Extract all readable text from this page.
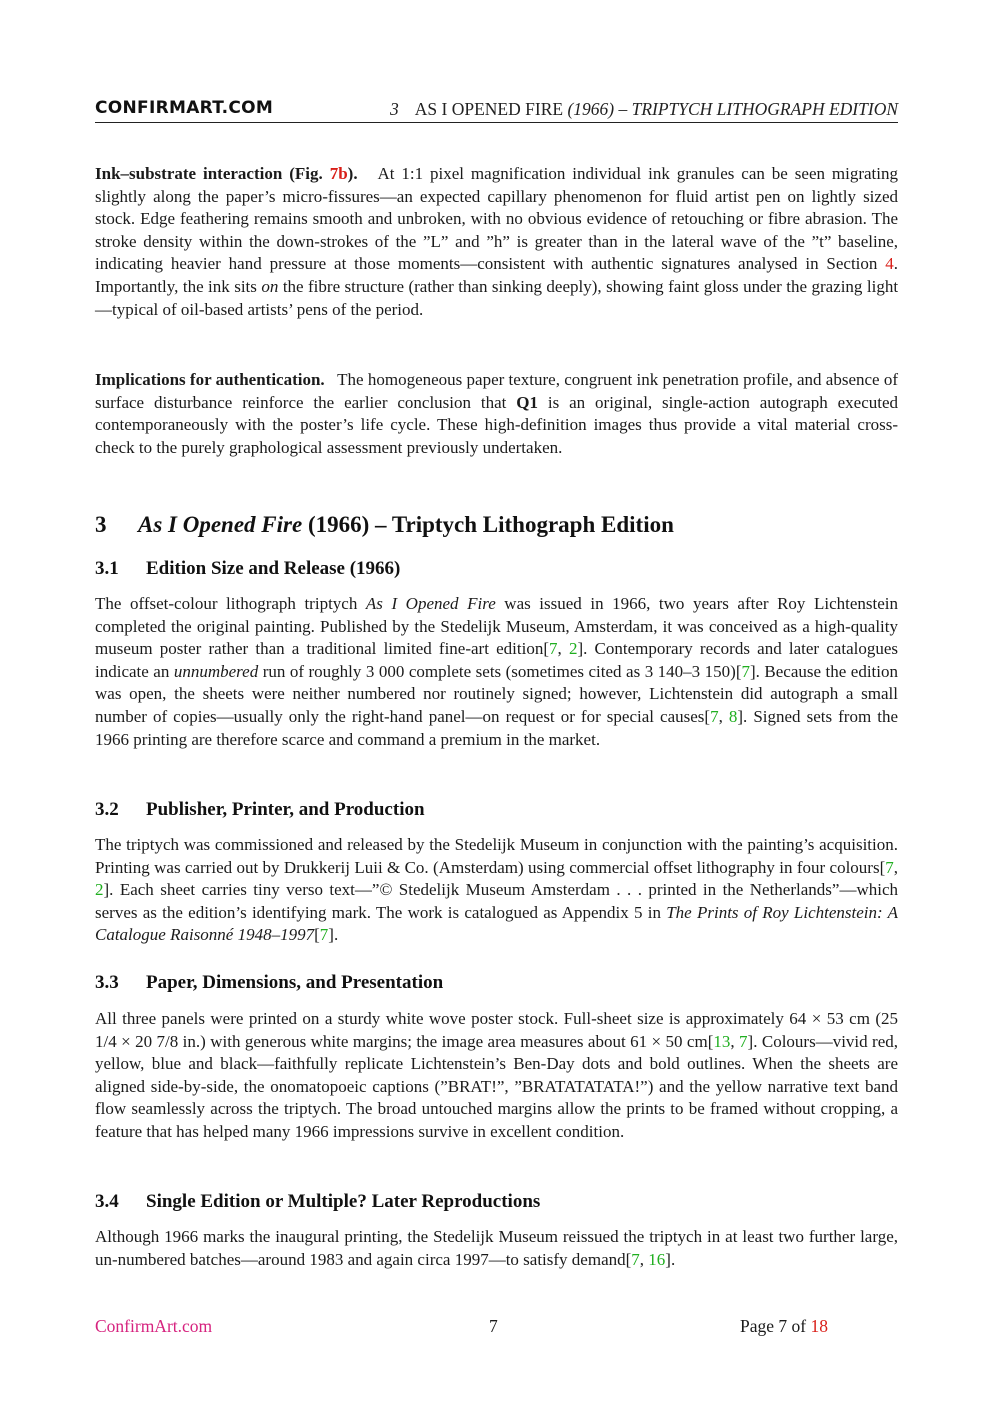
CONFIRMART.COM	3 AS I OPENED FIRE (1966) – TRIPTYCH LITHOGRAPH EDITION

Ink–substrate interaction (Fig. 7b). At 1:1 pixel magnification individual ink granules can be seen migrating slightly along the paper’s micro-fissures—an expected capillary phenomenon for fluid artist pen on lightly sized stock. Edge feathering remains smooth and unbroken, with no obvious evidence of retouching or fibre abrasion. The stroke density within the down-strokes of the ”L” and ”h” is greater than in the lateral wave of the ”t” baseline, indicating heavier hand pressure at those moments—consistent with authentic signatures analysed in Section 4. Importantly, the ink sits on the fibre structure (rather than sinking deeply), showing faint gloss under the grazing light—typical of oil-based artists’ pens of the period.

Implications for authentication. The homogeneous paper texture, congruent ink penetration profile, and absence of surface disturbance reinforce the earlier conclusion that Q1 is an original, single-action autograph executed contemporaneously with the poster’s life cycle. These high-definition images thus provide a vital material cross-check to the purely graphological assessment previously undertaken.

3 As I Opened Fire (1966) – Triptych Lithograph Edition
3.1 Edition Size and Release (1966)

The offset-colour lithograph triptych As I Opened Fire was issued in 1966, two years after Roy Lichtenstein completed the original painting. Published by the Stedelijk Museum, Amsterdam, it was conceived as a high-quality museum poster rather than a traditional limited fine-art edition[7, 2]. Contemporary records and later catalogues indicate an unnumbered run of roughly 3 000 complete sets (sometimes cited as 3 140–3 150)[7]. Because the edition was open, the sheets were neither numbered nor routinely signed; however, Lichtenstein did autograph a small number of copies—usually only the right-hand panel—on request or for special causes[7, 8]. Signed sets from the 1966 printing are therefore scarce and command a premium in the market.

3.2 Publisher, Printer, and Production

The triptych was commissioned and released by the Stedelijk Museum in conjunction with the painting’s acquisition. Printing was carried out by Drukkerij Luii & Co. (Amsterdam) using commercial offset lithography in four colours[7, 2]. Each sheet carries tiny verso text—”© Stedelijk Museum Amsterdam . . . printed in the Netherlands”—which serves as the edition’s identifying mark. The work is catalogued as Appendix 5 in The Prints of Roy Lichtenstein: A Catalogue Raisonné 1948–1997[7].

3.3 Paper, Dimensions, and Presentation

All three panels were printed on a sturdy white wove poster stock. Full-sheet size is approximately 64 × 53 cm (25 1/4 × 20 7/8 in.) with generous white margins; the image area measures about 61 × 50 cm[13, 7]. Colours—vivid red, yellow, blue and black—faithfully replicate Lichtenstein’s Ben-Day dots and bold outlines. When the sheets are aligned side-by-side, the onomatopoeic captions (”BRAT!”, ”BRATATATATA!”) and the yellow narrative text band flow seamlessly across the triptych. The broad untouched margins allow the prints to be framed without cropping, a feature that has helped many 1966 impressions survive in excellent condition.

3.4 Single Edition or Multiple? Later Reproductions

Although 1966 marks the inaugural printing, the Stedelijk Museum reissued the triptych in at least two further large, un-numbered batches—around 1983 and again circa 1997—to satisfy demand[7, 16].

ConfirmArt.com	7	Page 7 of 18
